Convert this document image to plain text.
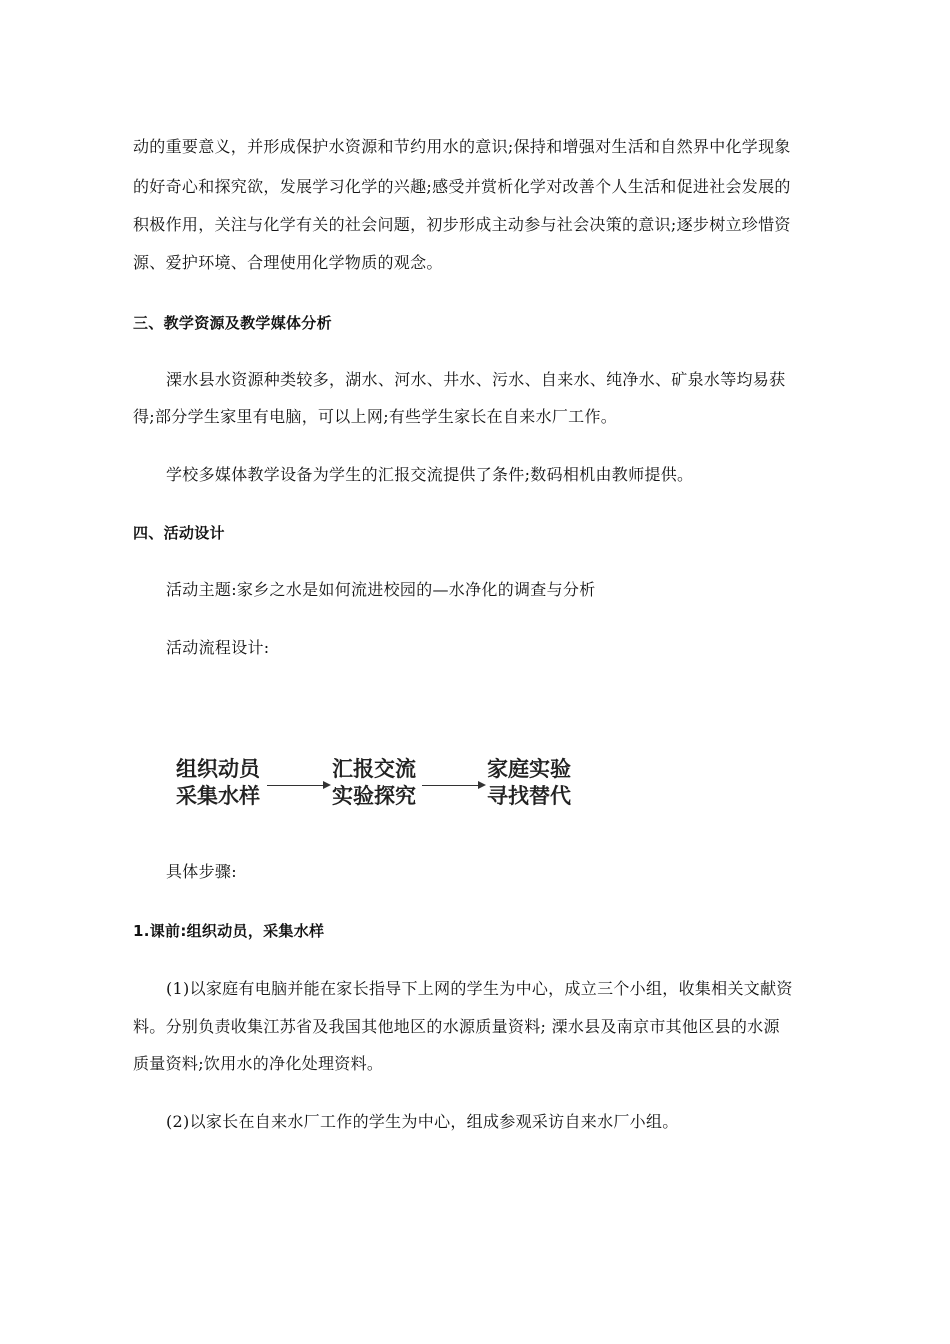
动的重要意义，并形成保护水资源和节约用水的意识;保持和增强对生活和自然界中化学现象
的好奇心和探究欲，发展学习化学的兴趣;感受并赏析化学对改善个人生活和促进社会发展的
积极作用，关注与化学有关的社会问题，初步形成主动参与社会决策的意识;逐步树立珍惜资
源、爱护环境、合理使用化学物质的观念。
三、教学资源及教学媒体分析
溧水县水资源种类较多，湖水、河水、井水、污水、自来水、纯净水、矿泉水等均易获
得;部分学生家里有电脑，可以上网;有些学生家长在自来水厂工作。
学校多媒体教学设备为学生的汇报交流提供了条件;数码相机由教师提供。
四、活动设计
活动主题:家乡之水是如何流进校园的—水净化的调查与分析
活动流程设计:
组织动员
采集水样
汇报交流
实验探究
家庭实验
寻找替代
具体步骤:
1.课前:组织动员，采集水样
(1)以家庭有电脑并能在家长指导下上网的学生为中心，成立三个小组，收集相关文献资
料。分别负责收集江苏省及我国其他地区的水源质量资料; 溧水县及南京市其他区县的水源
质量资料;饮用水的净化处理资料。
(2)以家长在自来水厂工作的学生为中心，组成参观采访自来水厂小组。
